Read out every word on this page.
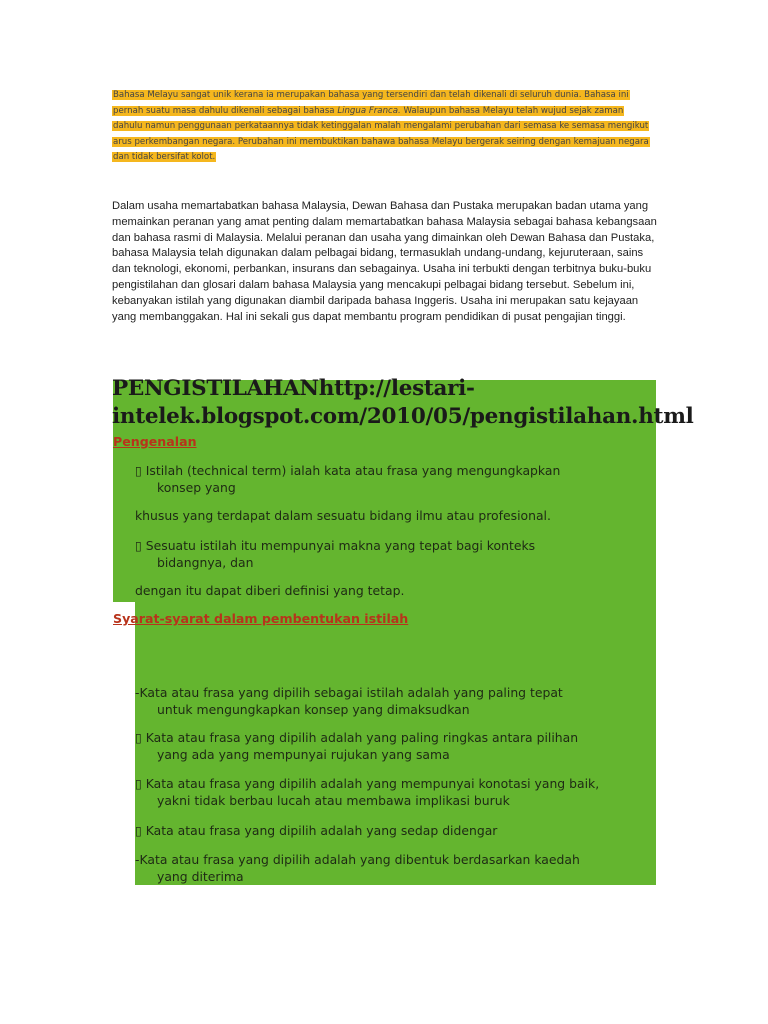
Bahasa Melayu sangat unik kerana ia merupakan bahasa yang tersendiri dan telah dikenali di seluruh dunia. Bahasa ini pernah suatu masa dahulu dikenali sebagai bahasa Lingua Franca. Walaupun bahasa Melayu telah wujud sejak zaman dahulu namun penggunaan perkataannya tidak ketinggalan malah mengalami perubahan dari semasa ke semasa mengikut arus perkembangan negara. Perubahan ini membuktikan bahawa bahasa Melayu bergerak seiring dengan kemajuan negara dan tidak bersifat kolot.

Dalam usaha memartabatkan bahasa Malaysia, Dewan Bahasa dan Pustaka merupakan badan utama yang memainkan peranan yang amat penting dalam memartabatkan bahasa Malaysia sebagai bahasa kebangsaan dan bahasa rasmi di Malaysia. Melalui peranan dan usaha yang dimainkan oleh Dewan Bahasa dan Pustaka, bahasa Malaysia telah digunakan dalam pelbagai bidang, termasuklah undang-undang, kejuruteraan, sains dan teknologi, ekonomi, perbankan, insurans dan sebagainya. Usaha ini terbukti dengan terbitnya buku-buku pengistilahan dan glosari dalam bahasa Malaysia yang mencakupi pelbagai bidang tersebut. Sebelum ini, kebanyakan istilah yang digunakan diambil daripada bahasa Inggeris. Usaha ini merupakan satu kejayaan yang membanggakan. Hal ini sekali gus dapat membantu program pendidikan di pusat pengajian tinggi.

PENGISTILAHANhttp://lestari-
intelek.blogspot.com/2010/05/pengistilahan.html

Pengenalan

▯ Istilah (technical term) ialah kata atau frasa yang mengungkapkan
konsep yang

khusus yang terdapat dalam sesuatu bidang ilmu atau profesional.

▯ Sesuatu istilah itu mempunyai makna yang tepat bagi konteks
bidangnya, dan

dengan itu dapat diberi definisi yang tetap.

Syarat-syarat dalam pembentukan istilah

-Kata atau frasa yang dipilih sebagai istilah adalah yang paling tepat
untuk mengungkapkan konsep yang dimaksudkan

▯ Kata atau frasa yang dipilih adalah yang paling ringkas antara pilihan
yang ada yang mempunyai rujukan yang sama

▯ Kata atau frasa yang dipilih adalah yang mempunyai konotasi yang baik,
yakni tidak berbau lucah atau membawa implikasi buruk

▯ Kata atau frasa yang dipilih adalah yang sedap didengar

-Kata atau frasa yang dipilih adalah yang dibentuk berdasarkan kaedah
yang diterima
